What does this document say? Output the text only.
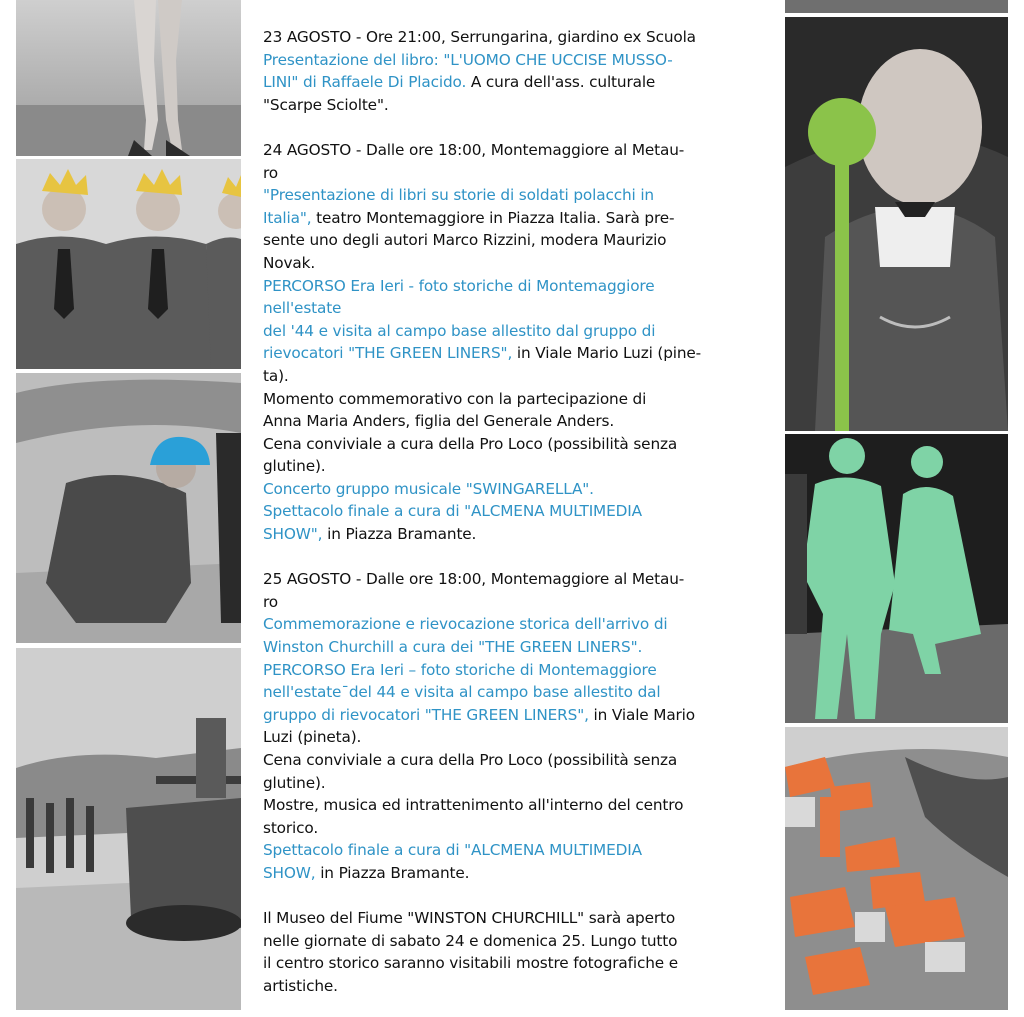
23 AGOSTO - Ore 21:00, Serrungarina, giardino ex Scuola

Presentazione del libro: "L'UOMO CHE UCCISE MUSSO-

LINI" di Raffaele Di Placido. A cura dell'ass. culturale

"Scarpe Sciolte".

24 AGOSTO - Dalle ore 18:00, Montemaggiore al Metau-

ro

"Presentazione di libri su storie di soldati polacchi in

Italia", teatro Montemaggiore in Piazza Italia. Sarà pre-

sente uno degli autori Marco Rizzini, modera Maurizio

Novak.

PERCORSO Era Ieri - foto storiche di Montemaggiore

nell'estate

del '44 e visita al campo base allestito dal gruppo di

rievocatori "THE GREEN LINERS", in Viale Mario Luzi (pine-

ta).

Momento commemorativo con la partecipazione di

Anna Maria Anders, figlia del Generale Anders.

Cena conviviale a cura della Pro Loco (possibilità senza

glutine).

Concerto gruppo musicale "SWINGARELLA".

Spettacolo finale a cura di "ALCMENA MULTIMEDIA

SHOW", in Piazza Bramante.

25 AGOSTO - Dalle ore 18:00, Montemaggiore al Metau-

ro

Commemorazione e rievocazione storica dell'arrivo di

Winston Churchill a cura dei "THE GREEN LINERS".

PERCORSO Era Ieri – foto storiche di Montemaggiore

nell'estate¯del 44 e visita al campo base allestito dal

gruppo di rievocatori "THE GREEN LINERS", in Viale Mario

Luzi (pineta).

Cena conviviale a cura della Pro Loco (possibilità senza

glutine).

Mostre, musica ed intrattenimento all'interno del centro

storico.

Spettacolo finale a cura di "ALCMENA MULTIMEDIA

SHOW, in Piazza Bramante.

Il Museo del Fiume "WINSTON CHURCHILL" sarà aperto

nelle giornate di sabato 24 e domenica 25. Lungo tutto

il centro storico saranno visitabili mostre fotografiche e

artistiche.
